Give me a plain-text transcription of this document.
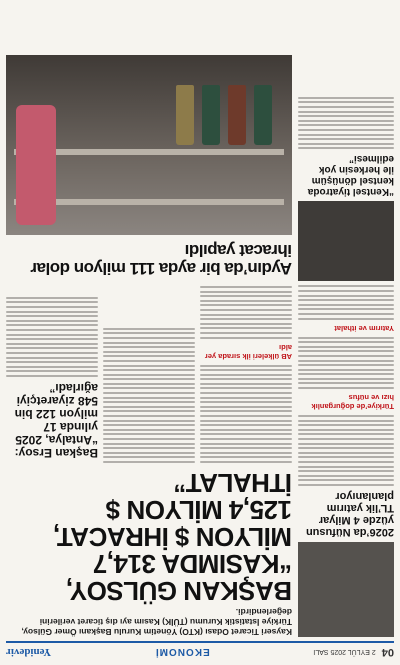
04
2 EYLÜL 2025 SALI
EKONOMİ
Yenidevir
Kayseri Ticaret Odası (KTO) Yönetim Kurulu Başkanı Ömer Gülsoy, Türkiye İstatistik Kurumu (TÜİK) Kasım ayı dış ticaret verilerini değerlendirdi.
BAŞKAN GÜLSOY, “KASIMDA 314,7 MİLYON $ İHRACAT, 125,4 MİLYON $ İTHALAT”
AB ülkeleri ilk sırada yer aldı
Başkan Ersoy: “Antalya, 2025 yılında 17 milyon 122 bin 548 ziyaretçiyi ağırladı”
Aydın’da bir ayda 111 milyon dolar ihracat yapıldı
2026’da Nüfusun yüzde 4 Milyar TL’lik yatırım planlanıyor
Türkiye’de doğurganlık hızı ve nüfus
Yatırım ve ithalat
“Kentsel tiyatroda kentsel dönüşüm ile herkesin yok edilmesi”
